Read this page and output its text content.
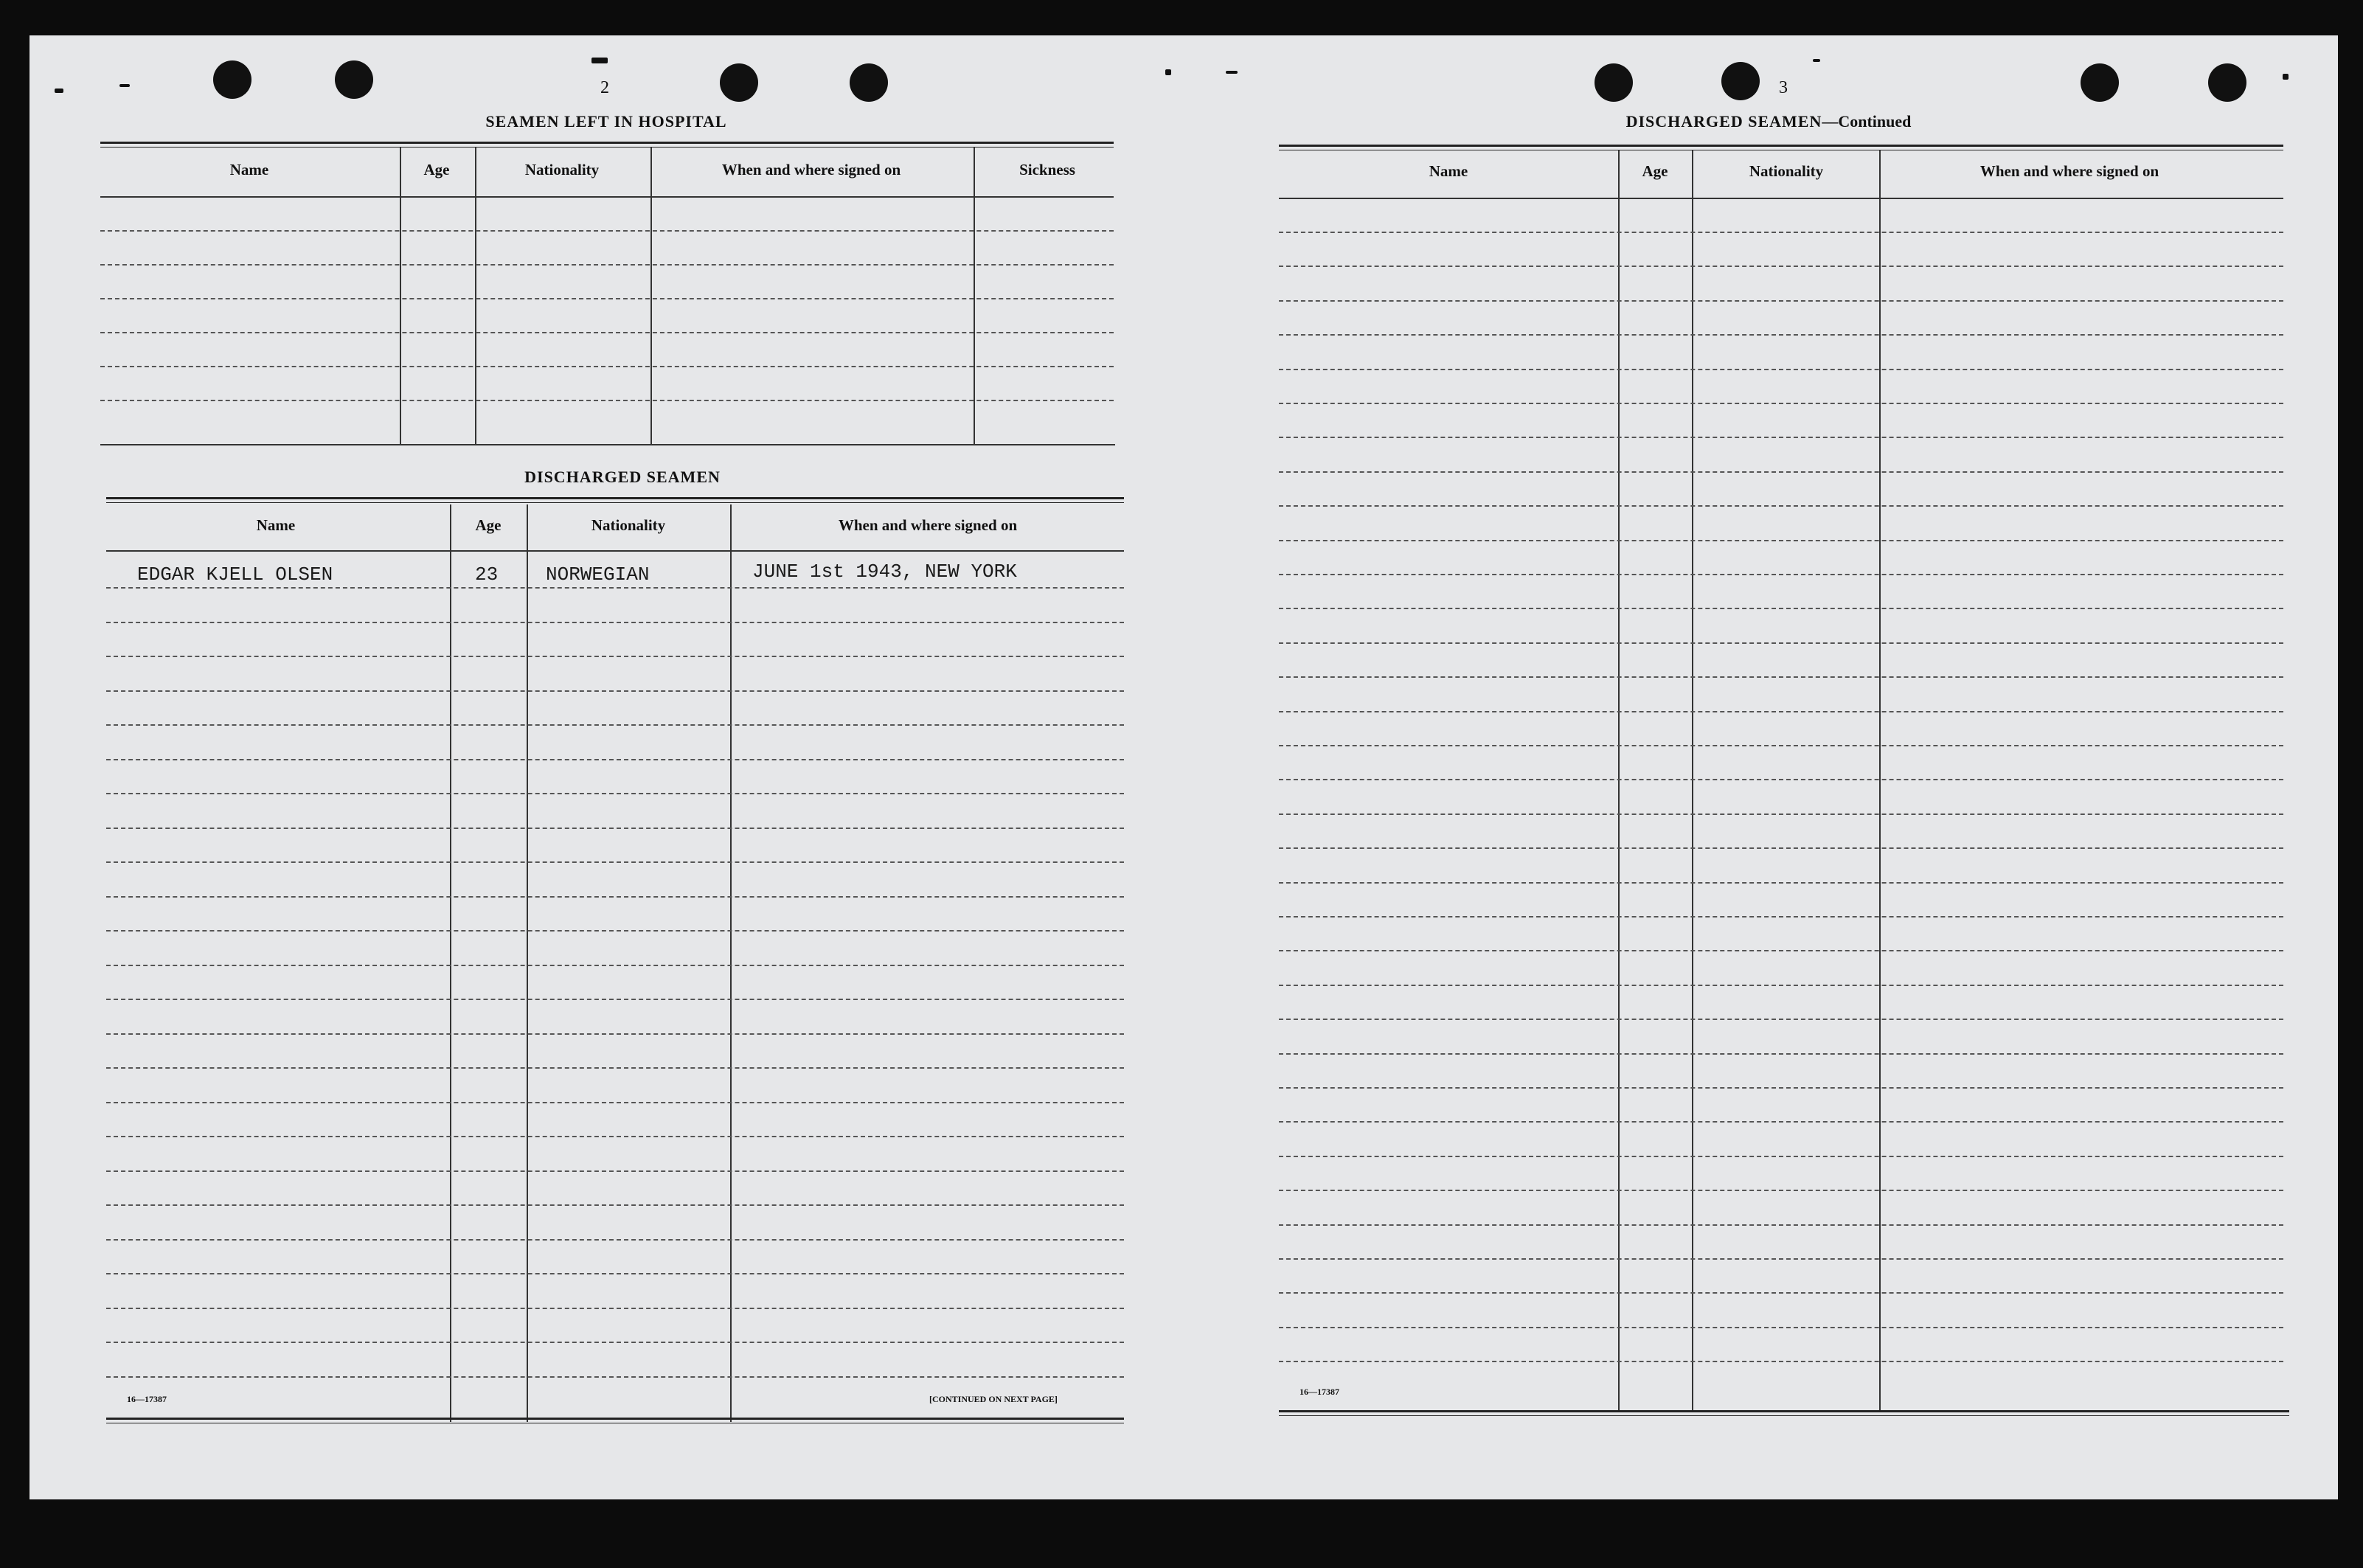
2
SEAMEN LEFT IN HOSPITAL
Name	Age	Nationality	When and where signed on	Sickness
DISCHARGED SEAMEN
Name	Age	Nationality	When and where signed on
EDGAR KJELL OLSEN	23 NORWEGIAN	JUNE 1st 1943, NEW YORK
16—17387	[CONTINUED ON NEXT PAGE]
3
DISCHARGED SEAMEN—Continued
Name	Age	Nationality	When and where signed on
16—17387
